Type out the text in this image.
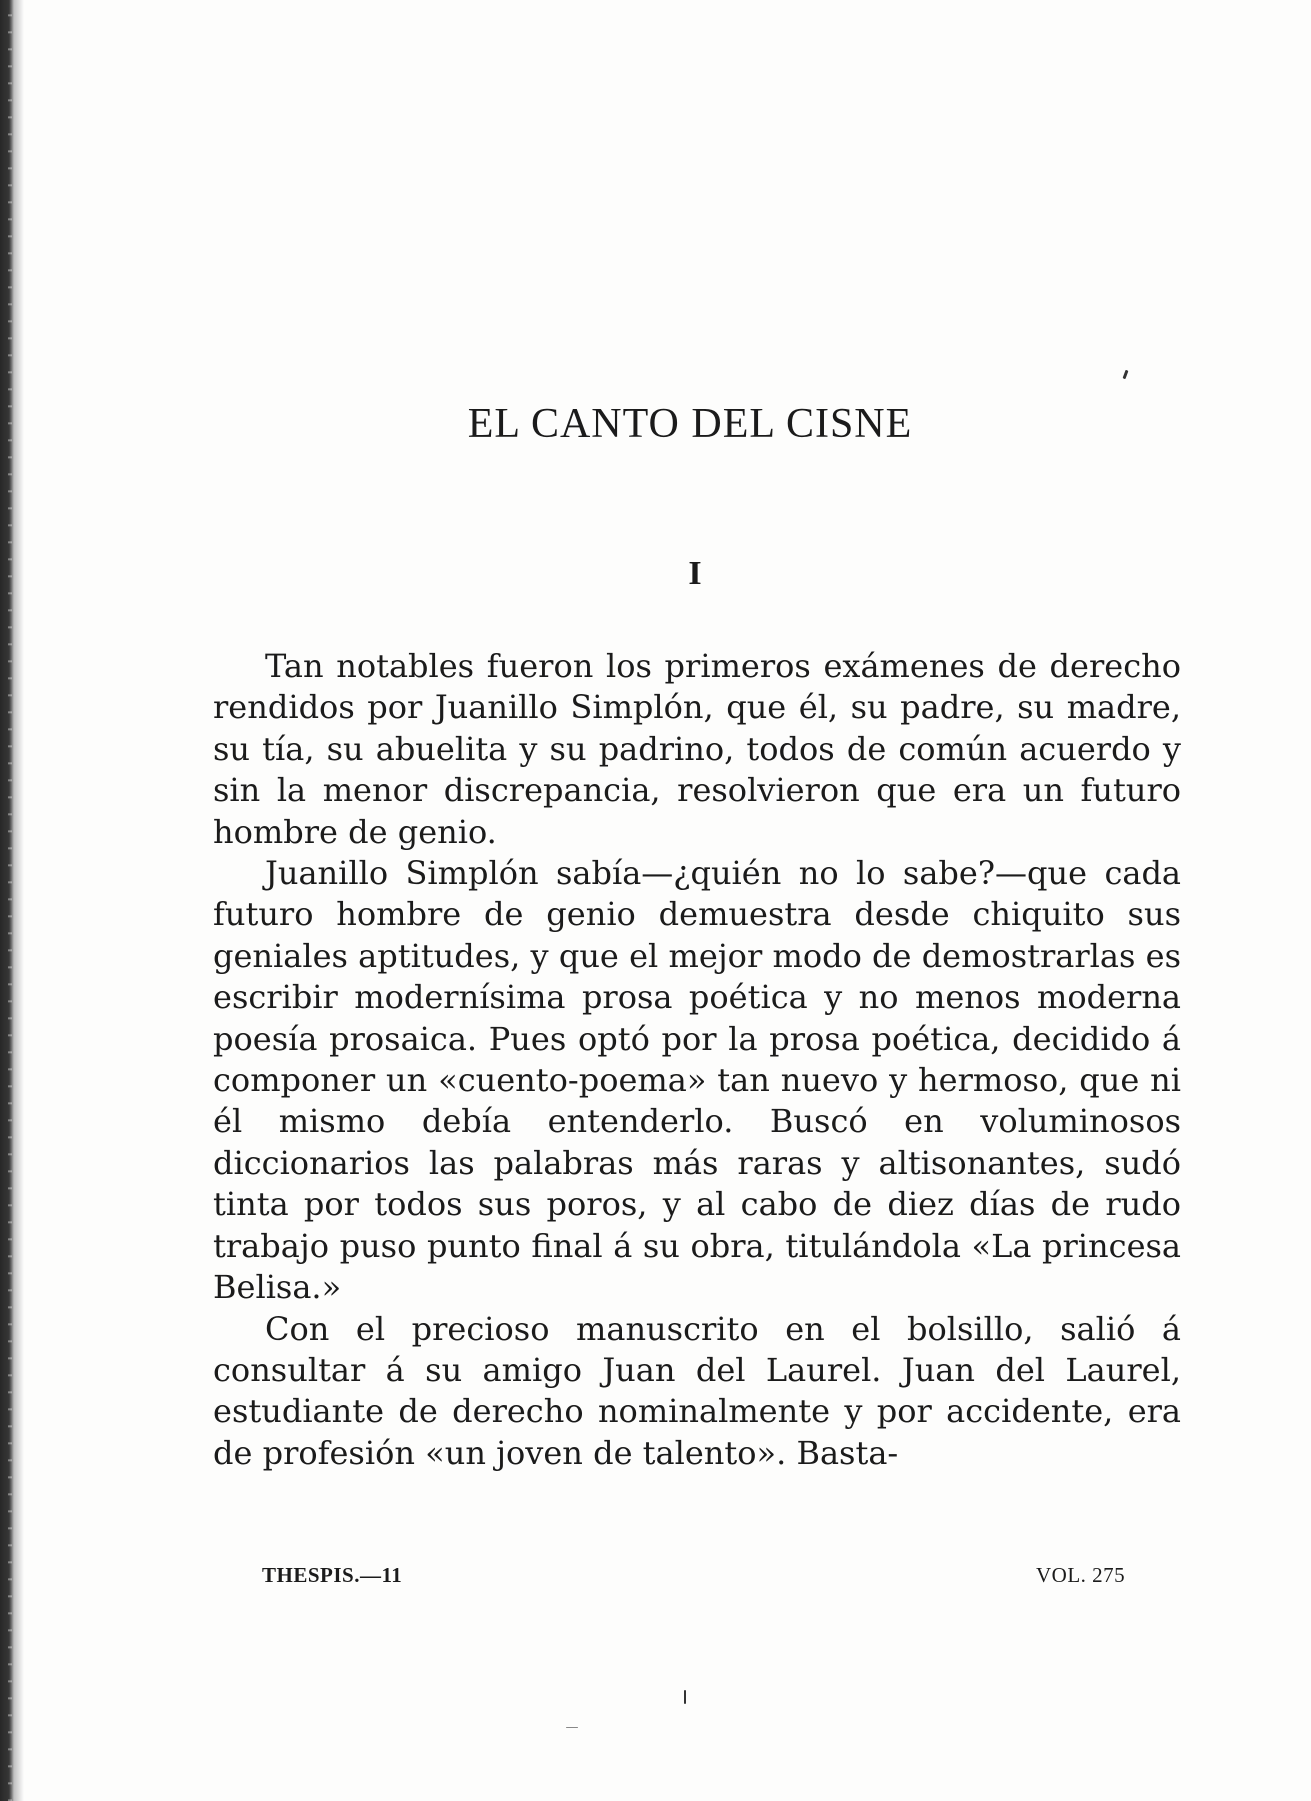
EL CANTO DEL CISNE
I

Tan notables fueron los primeros exámenes de derecho rendidos por Juanillo Simplón, que él, su padre, su madre, su tía, su abuelita y su padrino, todos de común acuerdo y sin la menor discrepancia, resolvieron que era un futuro hombre de genio.

Juanillo Simplón sabía—¿quién no lo sabe?—que cada futuro hombre de genio demuestra desde chiquito sus geniales aptitudes, y que el mejor modo de demostrarlas es escribir modernísima prosa poética y no menos moderna poesía prosaica. Pues optó por la prosa poética, decidido á componer un «cuento-poema» tan nuevo y hermoso, que ni él mismo debía entenderlo. Buscó en voluminosos diccionarios las palabras más raras y altisonantes, sudó tinta por todos sus poros, y al cabo de diez días de rudo trabajo puso punto final á su obra, titulándola «La princesa Belisa.»

Con el precioso manuscrito en el bolsillo, salió á consultar á su amigo Juan del Laurel. Juan del Laurel, estudiante de derecho nominalmente y por accidente, era de profesión «un joven de talento». Basta-

THESPIS.—11	VOL. 275
